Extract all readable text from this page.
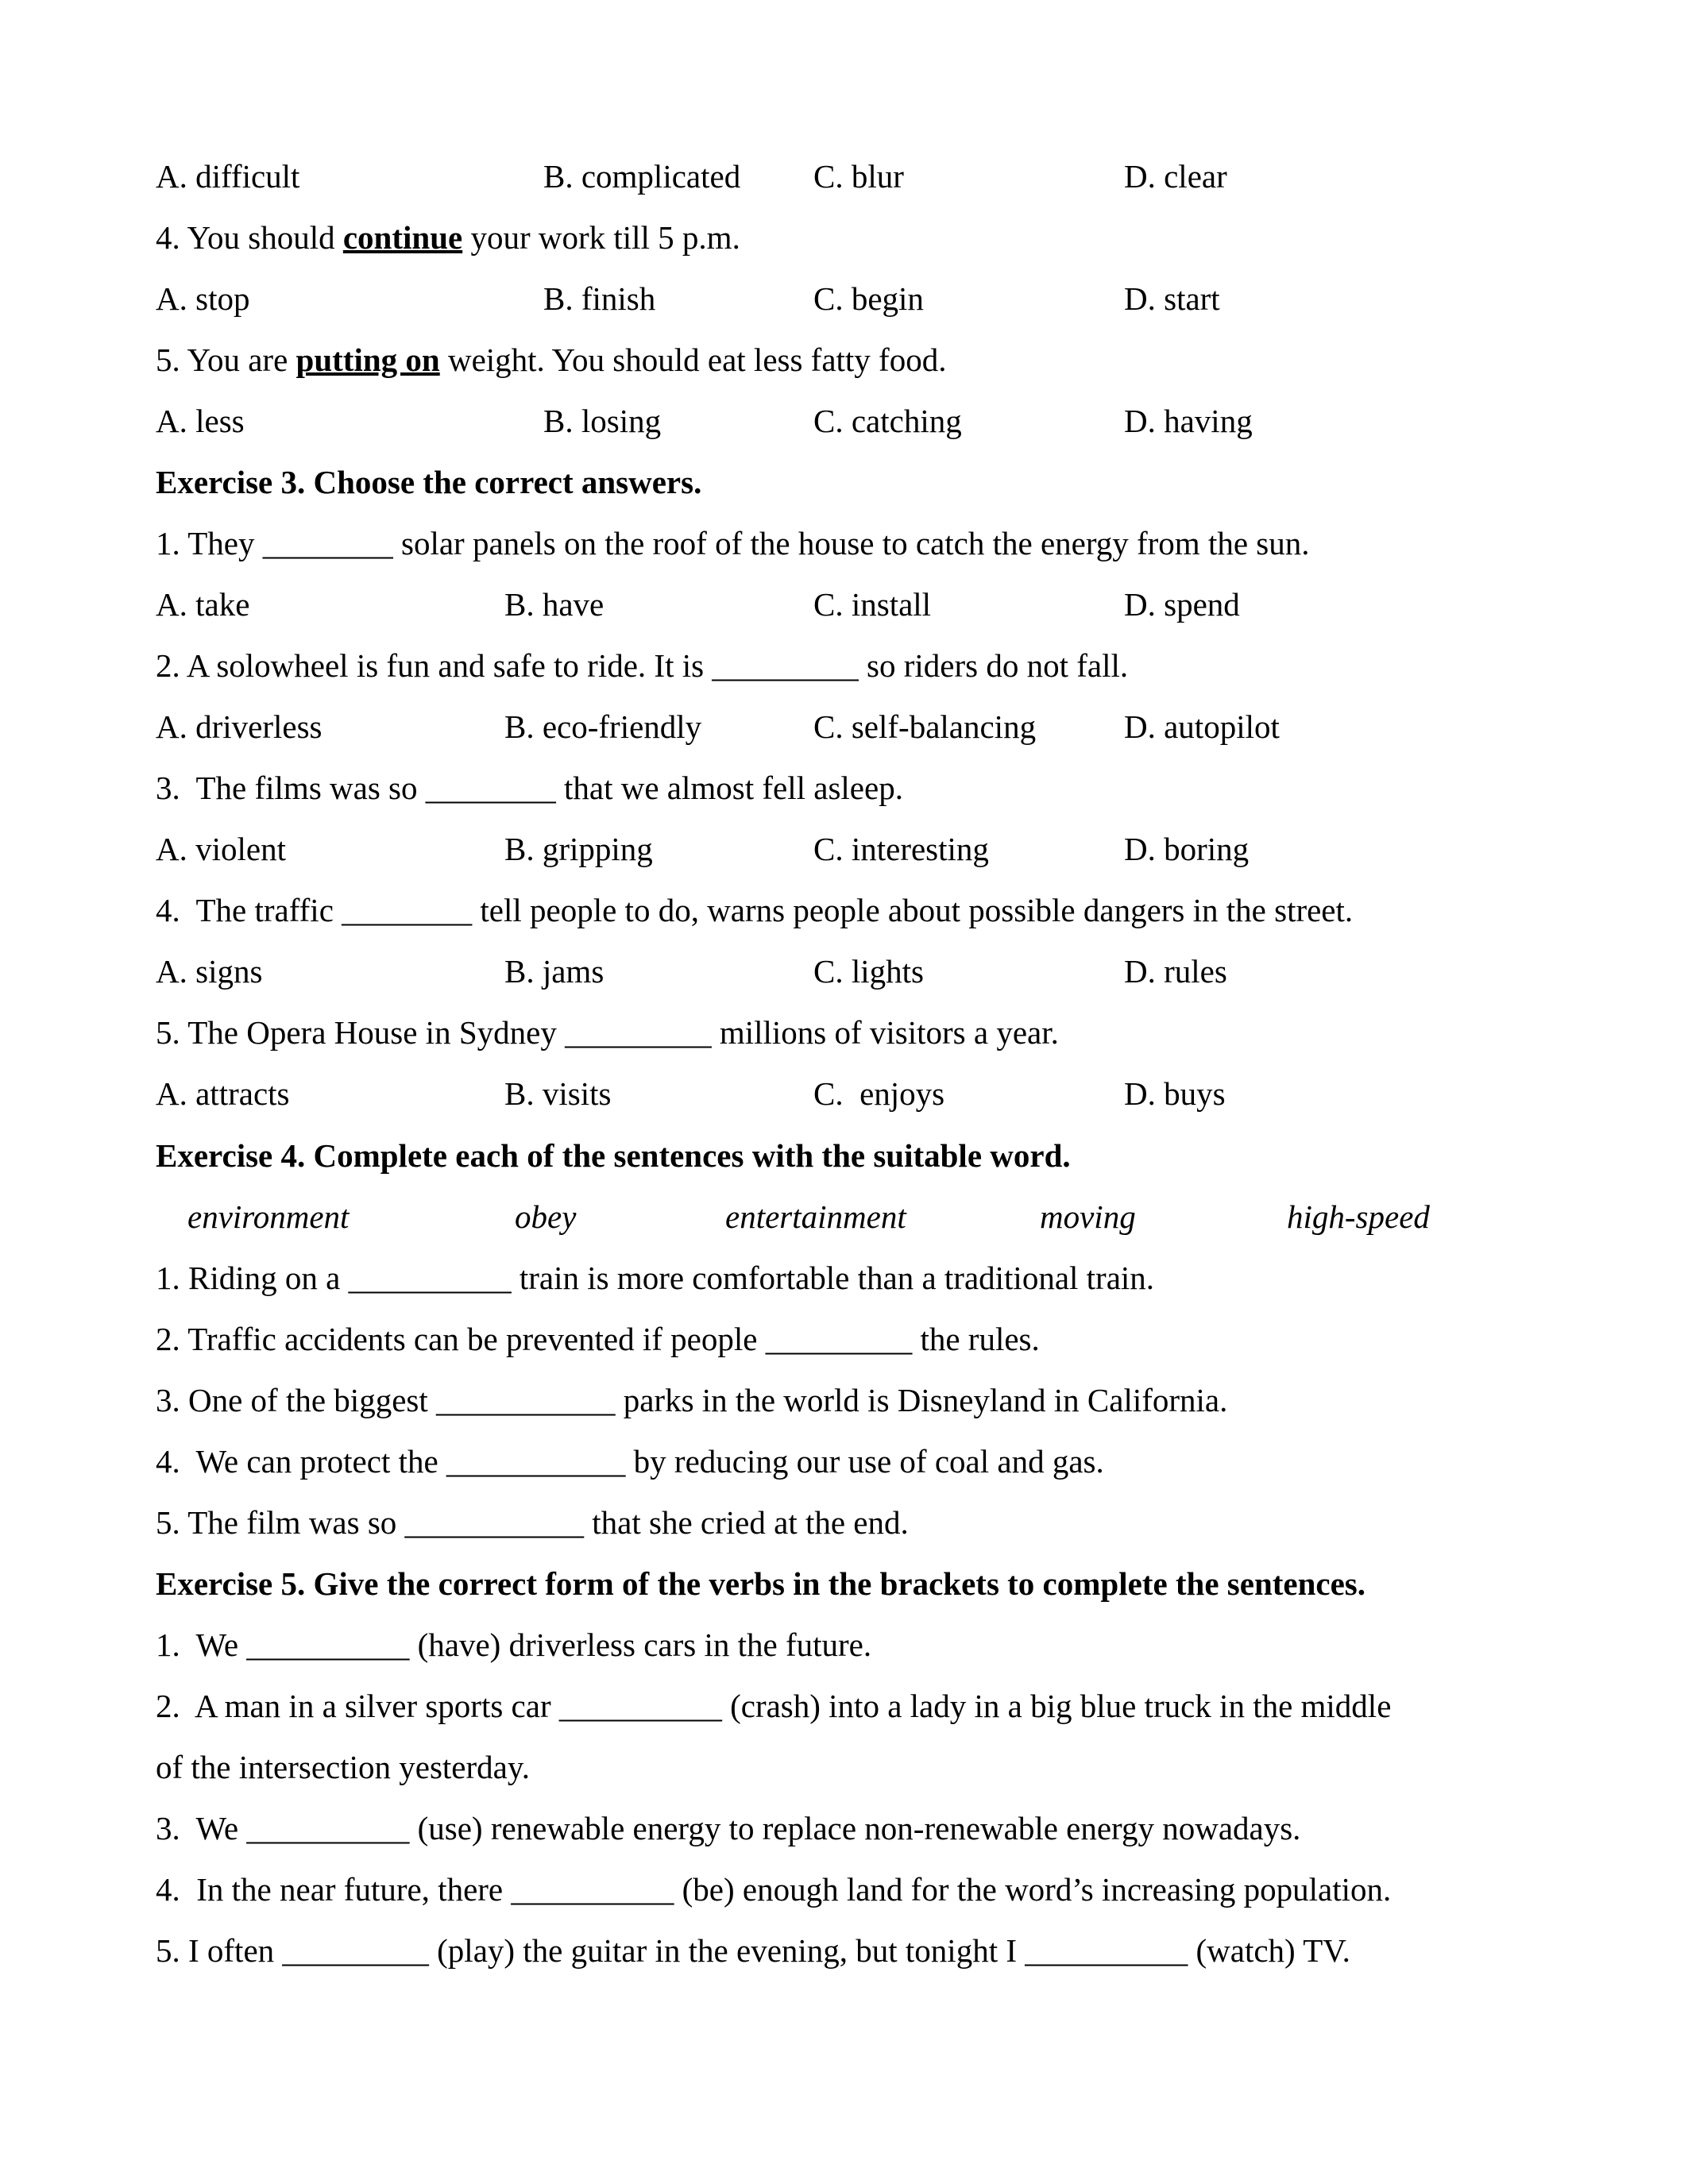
A. difficult	B. complicated C. blur	D. clear
4. You should continue your work till 5 p.m.
A. stop	B. finish	C. begin	D. start
5. You are putting on weight. You should eat less fatty food.
A. less	B. losing	C. catching	D. having
Exercise 3. Choose the correct answers.
1. They ________ solar panels on the roof of the house to catch the energy from the sun.
A. take	B. have	C. install	D. spend
2. A solowheel is fun and safe to ride. It is _________ so riders do not fall.
A. driverless	B. eco-friendly	C. self-balancing	D. autopilot
3.  The films was so ________ that we almost fell asleep.
A. violent	B. gripping	C. interesting	D. boring
4.  The traffic ________ tell people to do, warns people about possible dangers in the street.
A. signs	B. jams	C. lights	D. rules
5. The Opera House in Sydney _________ millions of visitors a year.
A. attracts	B. visits	C.  enjoys	D. buys
Exercise 4. Complete each of the sentences with the suitable word.
environment	obey	entertainment	moving	high-speed
1. Riding on a __________ train is more comfortable than a traditional train.
2. Traffic accidents can be prevented if people _________ the rules.
3. One of the biggest ___________ parks in the world is Disneyland in California.
4.  We can protect the ___________ by reducing our use of coal and gas.
5. The film was so ___________ that she cried at the end.
Exercise 5. Give the correct form of the verbs in the brackets to complete the sentences.
1.  We __________ (have) driverless cars in the future.
2.  A man in a silver sports car __________ (crash) into a lady in a big blue truck in the middle
of the intersection yesterday.
3.  We __________ (use) renewable energy to replace non-renewable energy nowadays.
4.  In the near future, there __________ (be) enough land for the word’s increasing population.
5. I often _________ (play) the guitar in the evening, but tonight I __________ (watch) TV.
